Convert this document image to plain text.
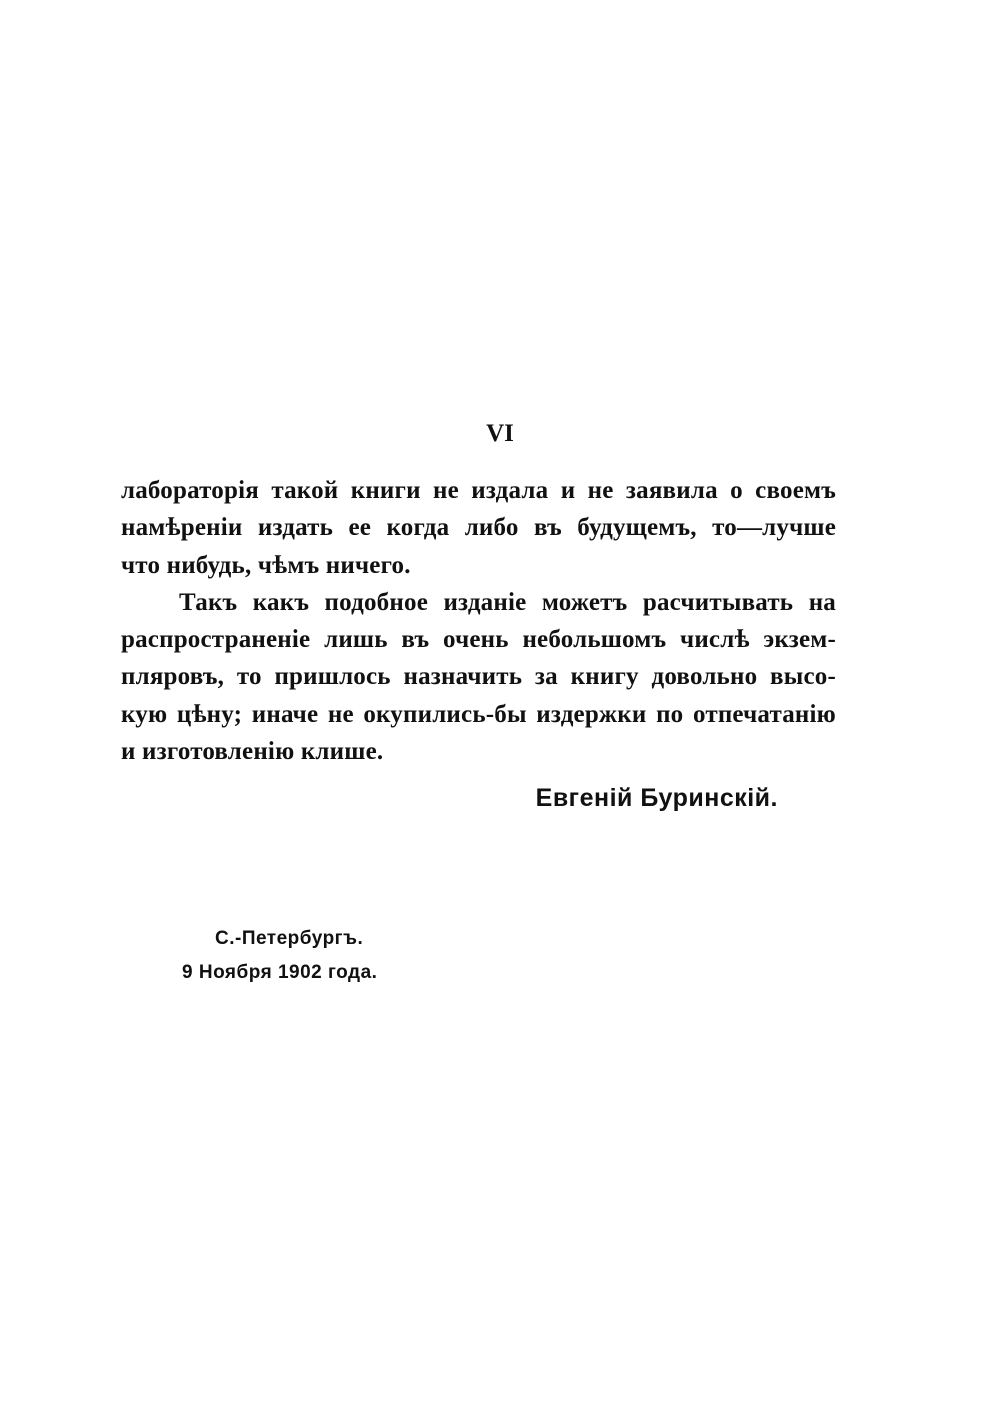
VI
лабораторія такой книги не издала и не заявила о своемъ
намѣреніи издать ее когда либо въ будущемъ, то—лучше
что нибудь, чѣмъ ничего.
Такъ какъ подобное изданіе можетъ расчитывать на
распространеніе лишь въ очень небольшомъ числѣ экзем-
пляровъ, то пришлось назначить за книгу довольно высо-
кую цѣну; иначе не окупились-бы издержки по отпечатанію
и изготовленію клише.
Евгеній Буринскій.
С.-Петербургъ.
9 Ноября 1902 года.
